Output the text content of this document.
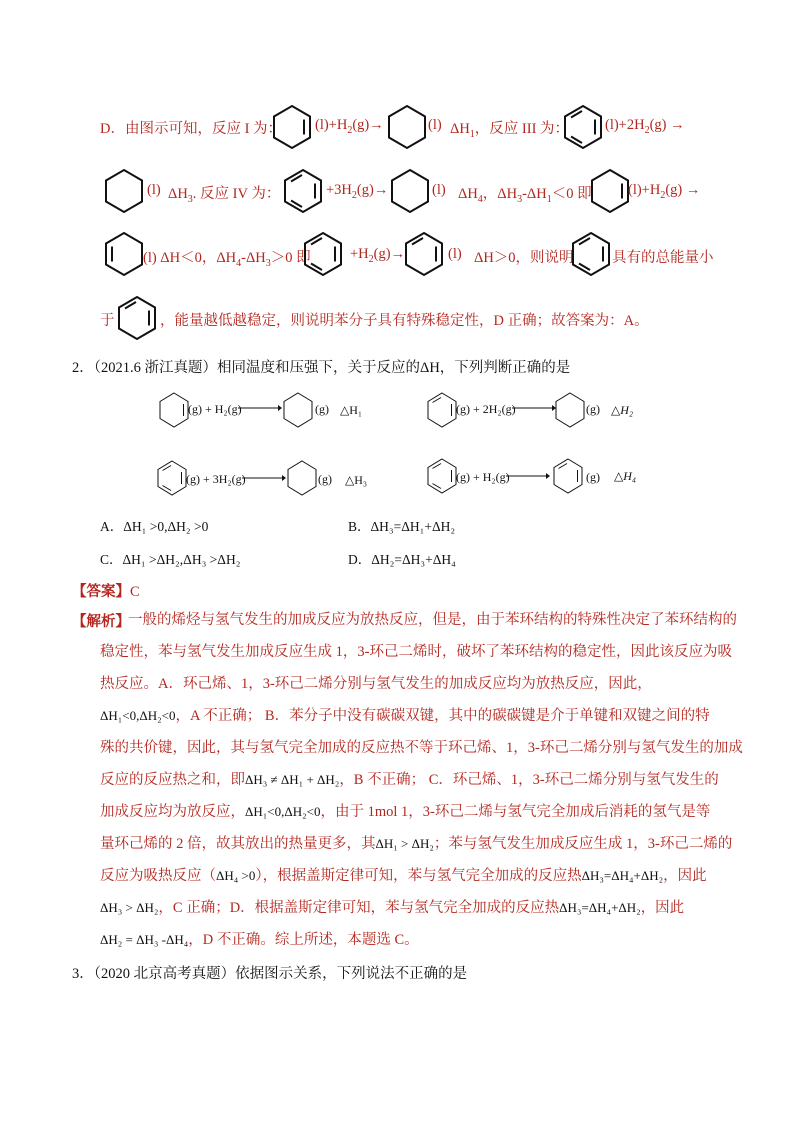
D．由图示可知，反应 I 为： $(l)+H_2(g)\to$	(l) $\Delta H_1$，反应 III 为： $(l)+2H_2(g)$ →
(l) $\Delta H_3$. 反应 IV 为：	$+3H_2(g)\to$	(l) $\Delta H_4$，$\Delta H_3-\Delta H_1<0$ 即	$(l)+H_2(g)$ →
(l) ΔH＜0，$\Delta H_4-\Delta H_3>0$ 即	$+H_2(g)\to$	(l) ΔH＞0，则说明	具有的总能量小
于	，能量越低越稳定，则说明苯分子具有特殊稳定性，D 正确；故答案为：A。
2．（2021.6 浙江真题）相同温度和压强下，关于反应的ΔH，下列判断正确的是
(g) + H₂(g)	(g) △H₁	(g) + 2H₂(g)	(g) △H₂
(g) + 3H₂(g)	(g) △H₃	(g) + H₂(g)	(g) △H₄
A．ΔH₁ >0,ΔH₂ >0	B．ΔH₃=ΔH₁+ΔH₂
C．ΔH₁ >ΔH₂,ΔH₃ >ΔH₂	D．ΔH₂=ΔH₃+ΔH₄
【答案】C
【解析】
一般的烯烃与氢气发生的加成反应为放热反应，但是，由于苯环结构的特殊性决定了苯环结构的
稳定性，苯与氢气发生加成反应生成 1，3-环己二烯时，破坏了苯环结构的稳定性，因此该反应为吸
热反应。A．环己烯、1，3-环己二烯分别与氢气发生的加成反应均为放热反应，因此，
ΔH₁<0,ΔH₂<0，A 不正确； B．苯分子中没有碳碳双键，其中的碳碳键是介于单键和双键之间的特
殊的共价键，因此，其与氢气完全加成的反应热不等于环己烯、1，3-环己二烯分别与氢气发生的加成
反应的反应热之和，即ΔH₃ ≠ ΔH₁ + ΔH₂，B 不正确； C．环己烯、1，3-环己二烯分别与氢气发生的
加成反应均为放反应，ΔH₁<0,ΔH₂<0，由于 1mol 1，3-环己二烯与氢气完全加成后消耗的氢气是等
量环己烯的 2 倍，故其放出的热量更多，其ΔH₁ > ΔH₂；苯与氢气发生加成反应生成 1，3-环己二烯的
反应为吸热反应（ΔH₄ >0），根据盖斯定律可知，苯与氢气完全加成的反应热ΔH₃=ΔH₄+ΔH₂，因此
ΔH₃ > ΔH₂，C 正确；D．根据盖斯定律可知，苯与氢气完全加成的反应热ΔH₃=ΔH₄+ΔH₂，因此
ΔH₂ = ΔH₃ -ΔH₄，D 不正确。综上所述，本题选 C。
3．（2020 北京高考真题）依据图示关系，下列说法不正确的是
